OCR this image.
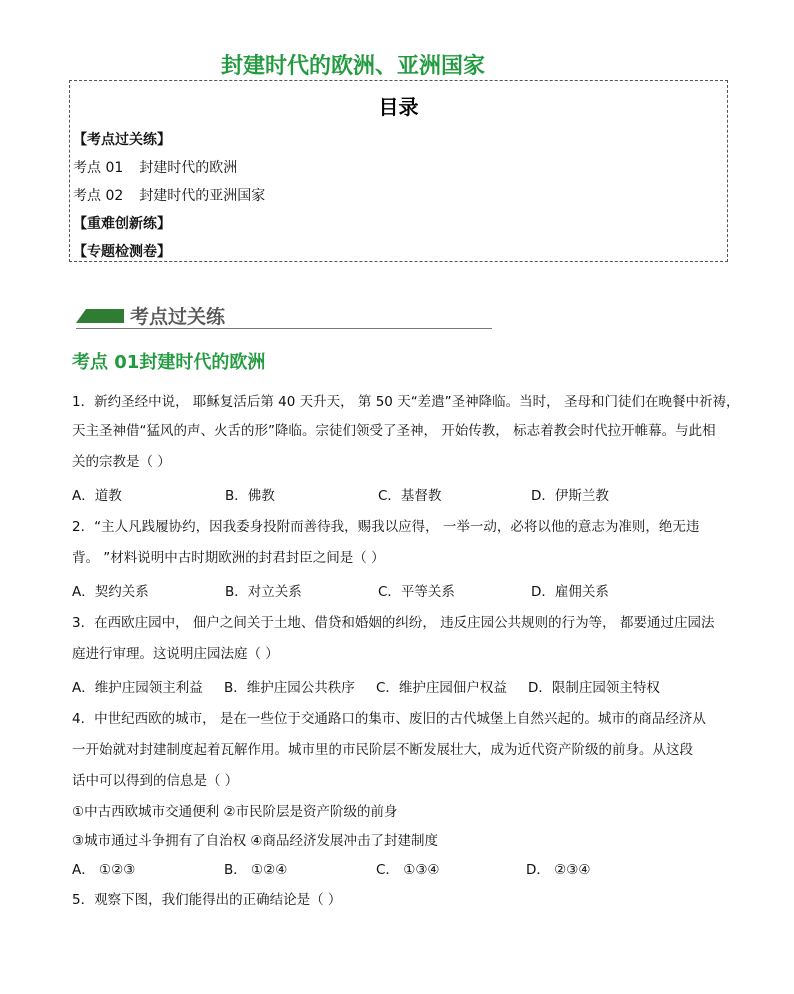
封建时代的欧洲、亚洲国家
目录
【考点过关练】
考点 01 封建时代的欧洲
考点 02 封建时代的亚洲国家
【重难创新练】
【专题检测卷】
考点过关练
考点 01封建时代的欧洲
1．新约圣经中说， 耶稣复活后第 40 天升天， 第 50 天“差遣”圣神降临。当时， 圣母和门徒们在晚餐中祈祷，
天主圣神借“猛风的声、火舌的形”降临。宗徒们领受了圣神， 开始传教， 标志着教会时代拉开帷幕。与此相
关的宗教是（ ）
A．道教	B．佛教	C．基督教	D．伊斯兰教
2．“主人凡践履协约，因我委身投附而善待我，赐我以应得， 一举一动，必将以他的意志为准则，绝无违
背。 ”材料说明中古时期欧洲的封君封臣之间是（ ）
A．契约关系	B．对立关系	C．平等关系	D．雇佣关系
3．在西欧庄园中， 佃户之间关于土地、借贷和婚姻的纠纷， 违反庄园公共规则的行为等， 都要通过庄园法
庭进行审理。这说明庄园法庭（ ）
A．维护庄园领主利益 B．维护庄园公共秩序 C．维护庄园佃户权益 D．限制庄园领主特权
4．中世纪西欧的城市， 是在一些位于交通路口的集市、废旧的古代城堡上自然兴起的。城市的商品经济从
一开始就对封建制度起着瓦解作用。城市里的市民阶层不断发展壮大，成为近代资产阶级的前身。从这段
话中可以得到的信息是（ ）
①中古西欧城市交通便利 ②市民阶层是资产阶级的前身
③城市通过斗争拥有了自治权 ④商品经济发展冲击了封建制度
A． ①②③	B． ①②④	C． ①③④	D． ②③④
5．观察下图，我们能得出的正确结论是（ ）
